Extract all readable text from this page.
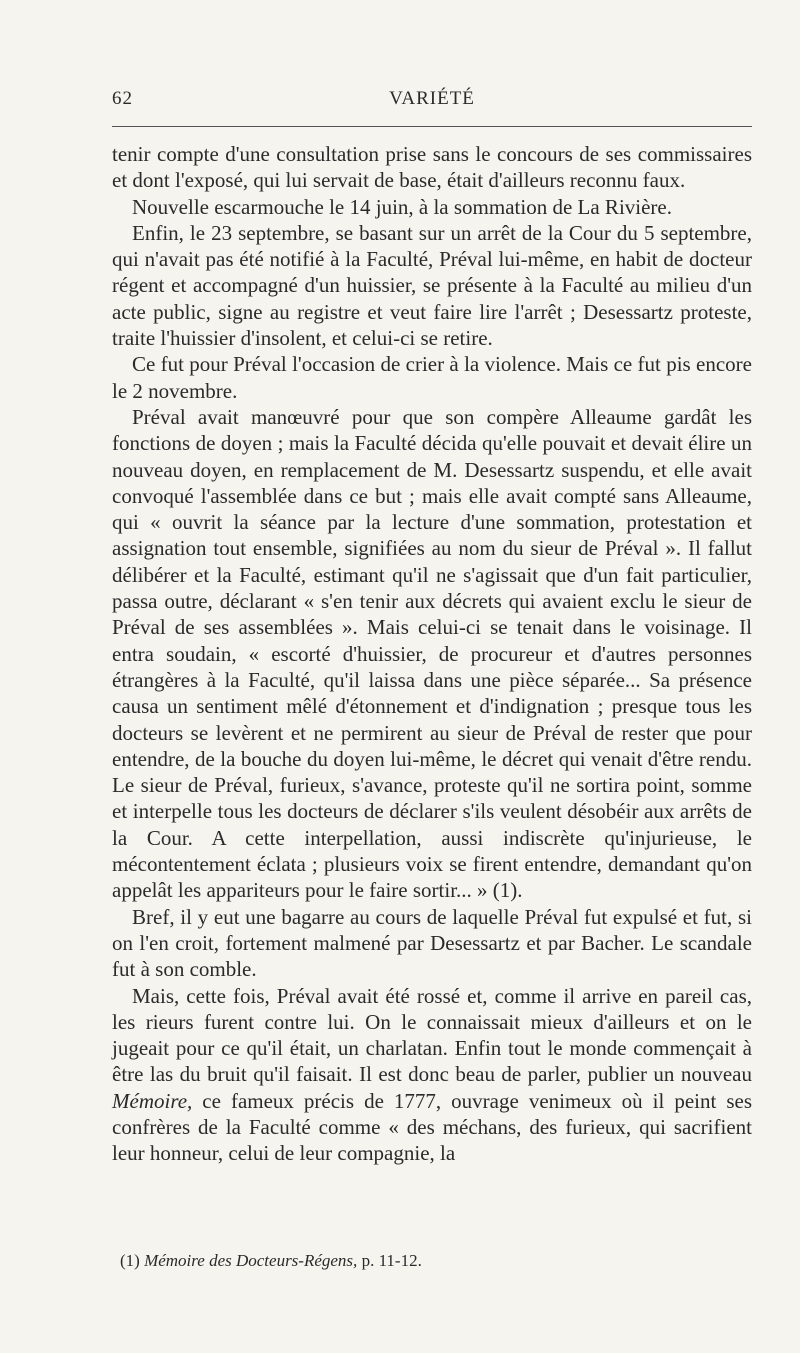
62	VARIÉTÉ

tenir compte d'une consultation prise sans le concours de ses commissaires et dont l'exposé, qui lui servait de base, était d'ailleurs reconnu faux.

Nouvelle escarmouche le 14 juin, à la sommation de La Rivière.

Enfin, le 23 septembre, se basant sur un arrêt de la Cour du 5 septembre, qui n'avait pas été notifié à la Faculté, Préval lui-même, en habit de docteur régent et accompagné d'un huissier, se présente à la Faculté au milieu d'un acte public, signe au registre et veut faire lire l'arrêt ; Desessartz proteste, traite l'huissier d'insolent, et celui-ci se retire.

Ce fut pour Préval l'occasion de crier à la violence. Mais ce fut pis encore le 2 novembre.

Préval avait manœuvré pour que son compère Alleaume gardât les fonctions de doyen ; mais la Faculté décida qu'elle pouvait et devait élire un nouveau doyen, en remplacement de M. Desessartz suspendu, et elle avait convoqué l'assemblée dans ce but ; mais elle avait compté sans Alleaume, qui « ouvrit la séance par la lecture d'une sommation, protestation et assignation tout ensemble, signifiées au nom du sieur de Préval ». Il fallut délibérer et la Faculté, estimant qu'il ne s'agissait que d'un fait particulier, passa outre, déclarant « s'en tenir aux décrets qui avaient exclu le sieur de Préval de ses assemblées ». Mais celui-ci se tenait dans le voisinage. Il entra soudain, « escorté d'huissier, de procureur et d'autres personnes étrangères à la Faculté, qu'il laissa dans une pièce séparée... Sa présence causa un sentiment mêlé d'étonnement et d'indignation ; presque tous les docteurs se levèrent et ne permirent au sieur de Préval de rester que pour entendre, de la bouche du doyen lui-même, le décret qui venait d'être rendu. Le sieur de Préval, furieux, s'avance, proteste qu'il ne sortira point, somme et interpelle tous les docteurs de déclarer s'ils veulent désobéir aux arrêts de la Cour. A cette interpellation, aussi indiscrète qu'injurieuse, le mécontentement éclata ; plusieurs voix se firent entendre, demandant qu'on appelât les appariteurs pour le faire sortir... » (1).

Bref, il y eut une bagarre au cours de laquelle Préval fut expulsé et fut, si on l'en croit, fortement malmené par Desessartz et par Bacher. Le scandale fut à son comble.

Mais, cette fois, Préval avait été rossé et, comme il arrive en pareil cas, les rieurs furent contre lui. On le connaissait mieux d'ailleurs et on le jugeait pour ce qu'il était, un charlatan. Enfin tout le monde commençait à être las du bruit qu'il faisait. Il est donc beau de parler, publier un nouveau Mémoire, ce fameux précis de 1777, ouvrage venimeux où il peint ses confrères de la Faculté comme « des méchans, des furieux, qui sacrifient leur honneur, celui de leur compagnie, la

(1) Mémoire des Docteurs-Régens, p. 11-12.
